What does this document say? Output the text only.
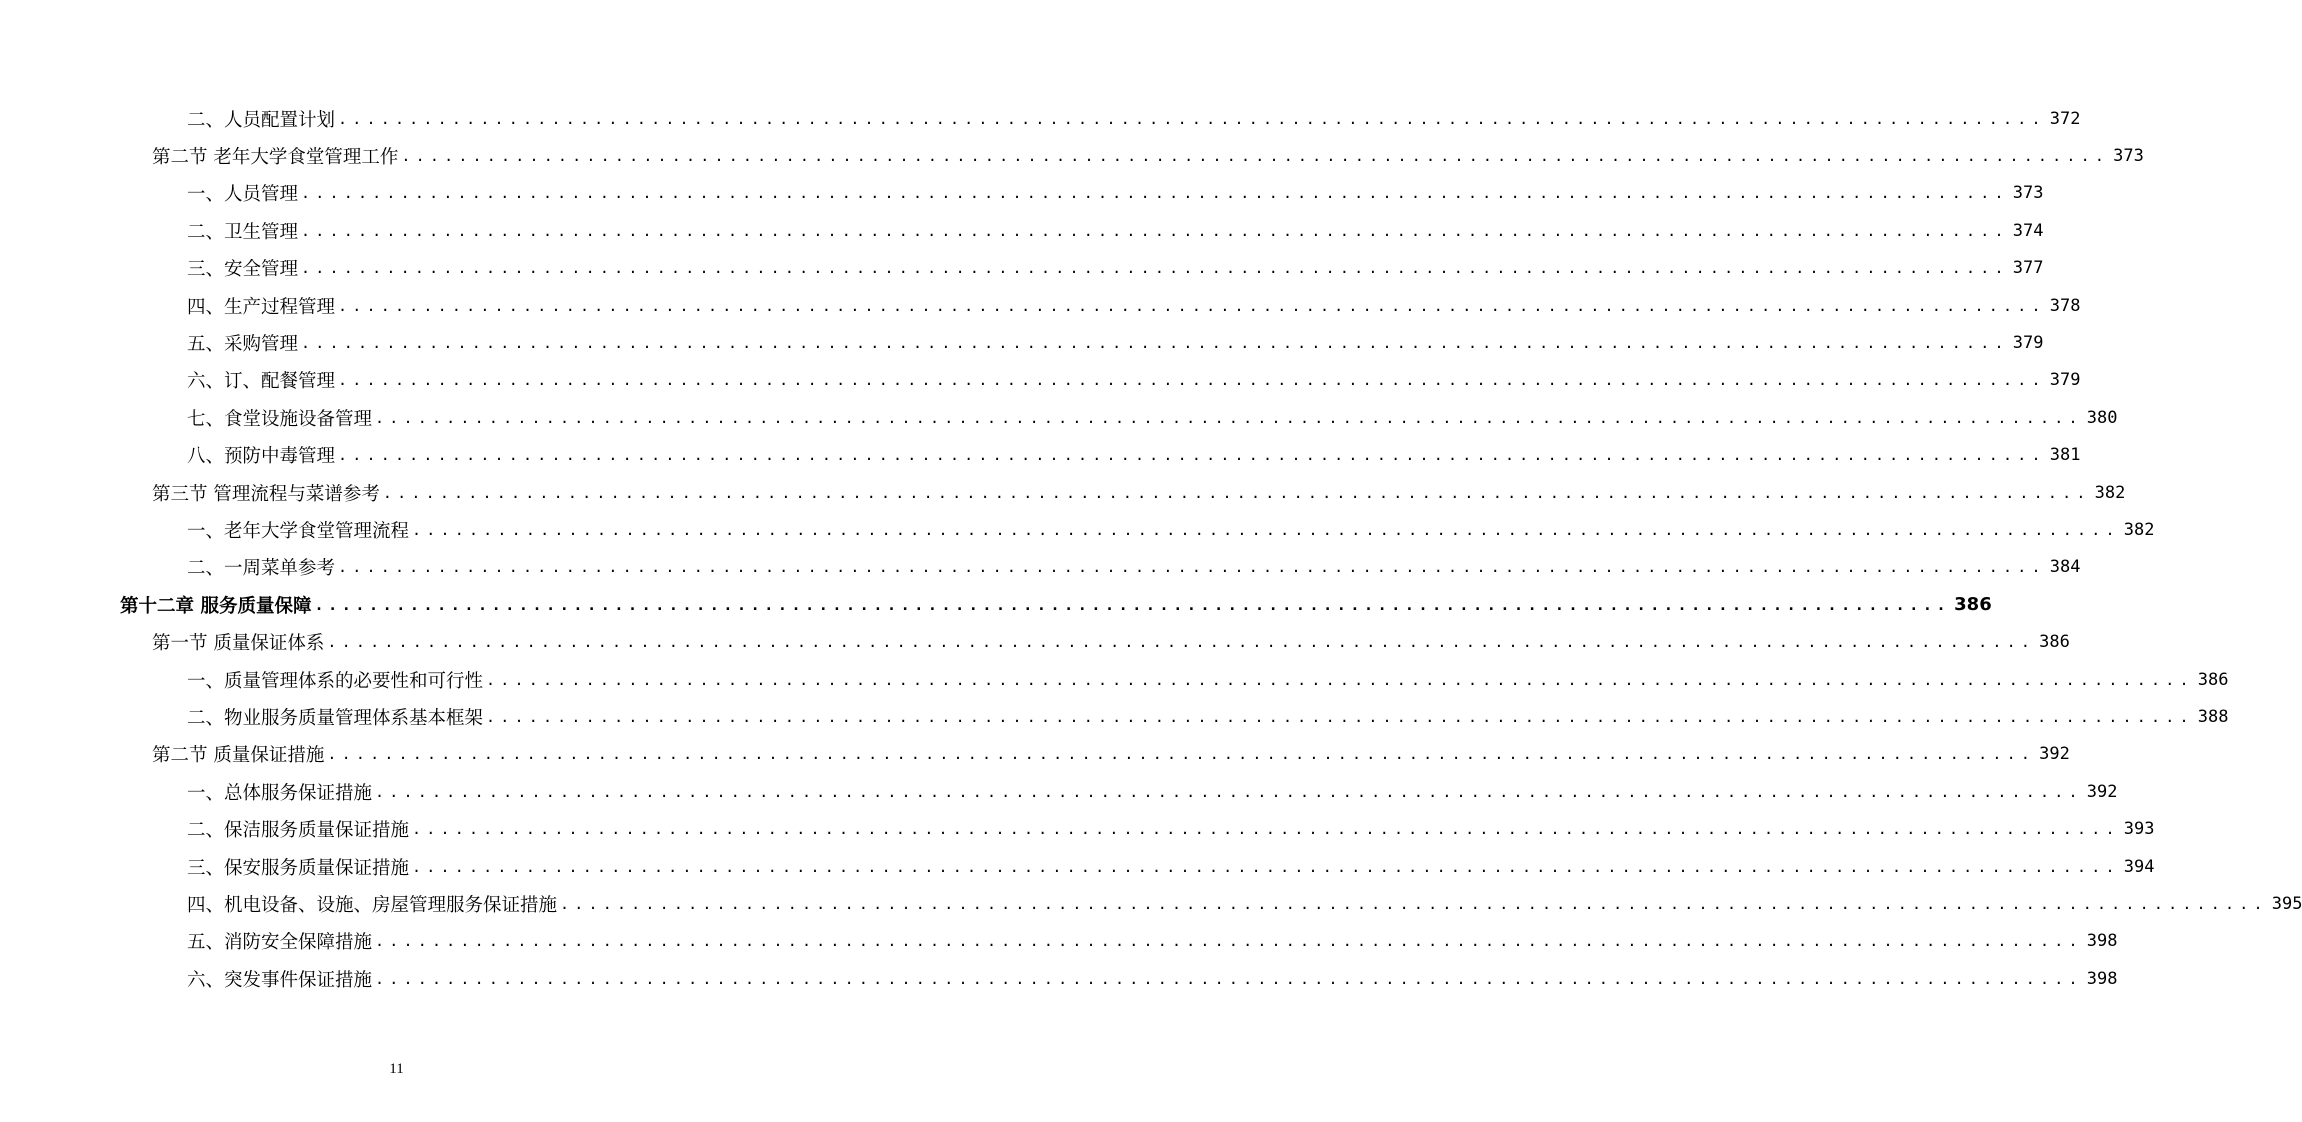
二、人员配置计划 ........................................................................................................................ 372
第二节 老年大学食堂管理工作 ........................................................................................................................ 373
一、人员管理 ........................................................................................................................ 373
二、卫生管理 ........................................................................................................................ 374
三、安全管理 ........................................................................................................................ 377
四、生产过程管理 ........................................................................................................................ 378
五、采购管理 ........................................................................................................................ 379
六、订、配餐管理 ........................................................................................................................ 379
七、食堂设施设备管理 ........................................................................................................................ 380
八、预防中毒管理 ........................................................................................................................ 381
第三节 管理流程与菜谱参考 ........................................................................................................................ 382
一、老年大学食堂管理流程 ........................................................................................................................ 382
二、一周菜单参考 ........................................................................................................................ 384
第十二章 服务质量保障 ........................................................................................................................ 386
第一节 质量保证体系 ........................................................................................................................ 386
一、质量管理体系的必要性和可行性 ........................................................................................................................ 386
二、物业服务质量管理体系基本框架 ........................................................................................................................ 388
第二节 质量保证措施 ........................................................................................................................ 392
一、总体服务保证措施 ........................................................................................................................ 392
二、保洁服务质量保证措施 ........................................................................................................................ 393
三、保安服务质量保证措施 ........................................................................................................................ 394
四、机电设备、设施、房屋管理服务保证措施 ........................................................................................................................ 395
五、消防安全保障措施 ........................................................................................................................ 398
六、突发事件保证措施 ........................................................................................................................ 398
11
